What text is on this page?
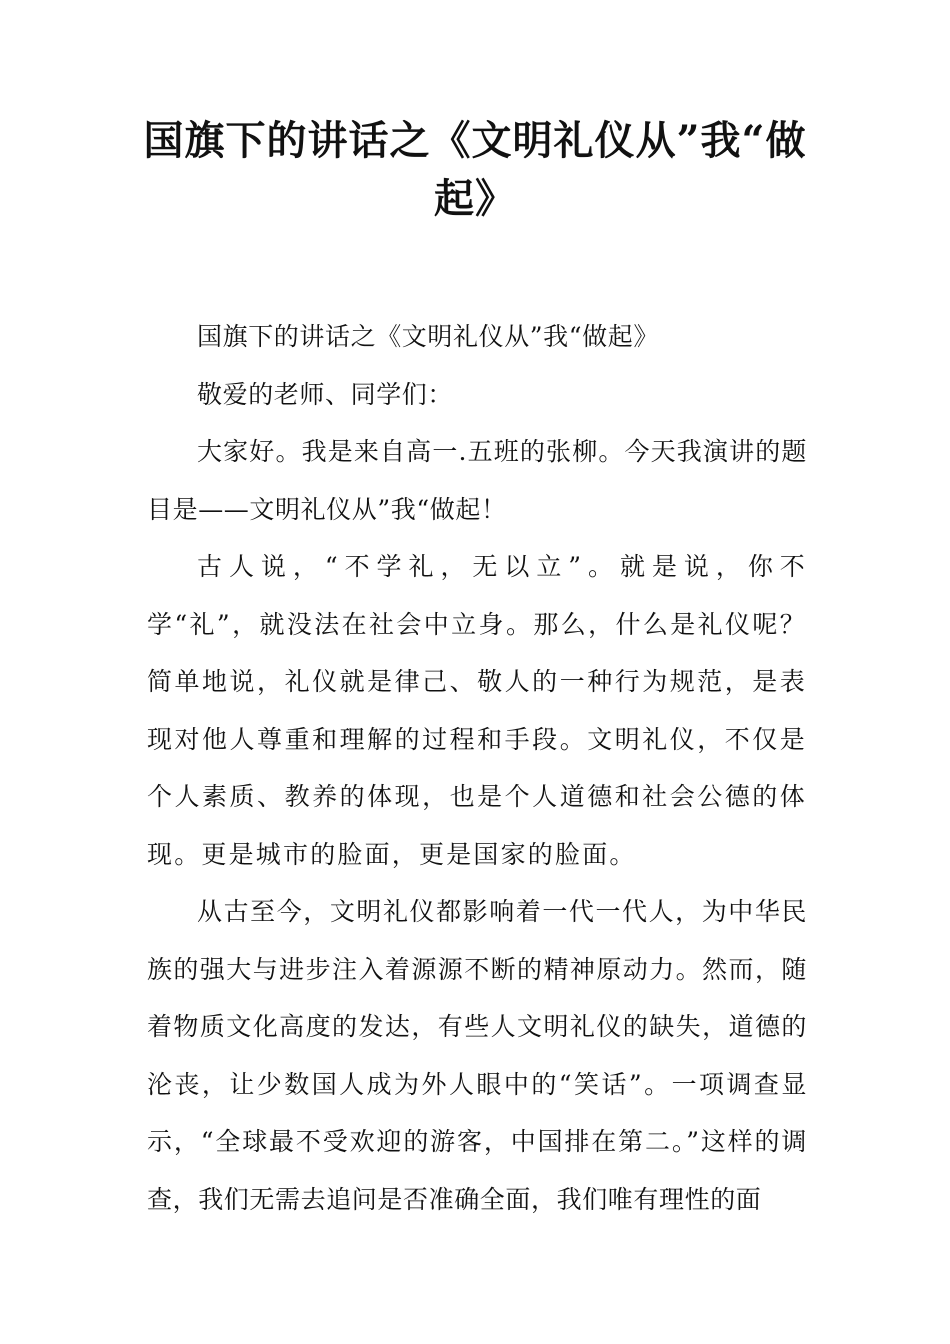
国旗下的讲话之《文明礼仪从”我“做起》

国旗下的讲话之《文明礼仪从”我“做起》

敬爱的老师、同学们：

大家好。我是来自高一.五班的张柳。今天我演讲的题目是——文明礼仪从”我“做起！

古人说，“不学礼，无以立”。就是说，你不学“礼”，就没法在社会中立身。那么，什么是礼仪呢？简单地说，礼仪就是律己、敬人的一种行为规范，是表现对他人尊重和理解的过程和手段。文明礼仪，不仅是个人素质、教养的体现，也是个人道德和社会公德的体现。更是城市的脸面，更是国家的脸面。

从古至今，文明礼仪都影响着一代一代人，为中华民族的强大与进步注入着源源不断的精神原动力。然而，随着物质文化高度的发达，有些人文明礼仪的缺失，道德的沦丧，让少数国人成为外人眼中的“笑话”。一项调查显示，“全球最不受欢迎的游客，中国排在第二。”这样的调查，我们无需去追问是否准确全面，我们唯有理性的面
